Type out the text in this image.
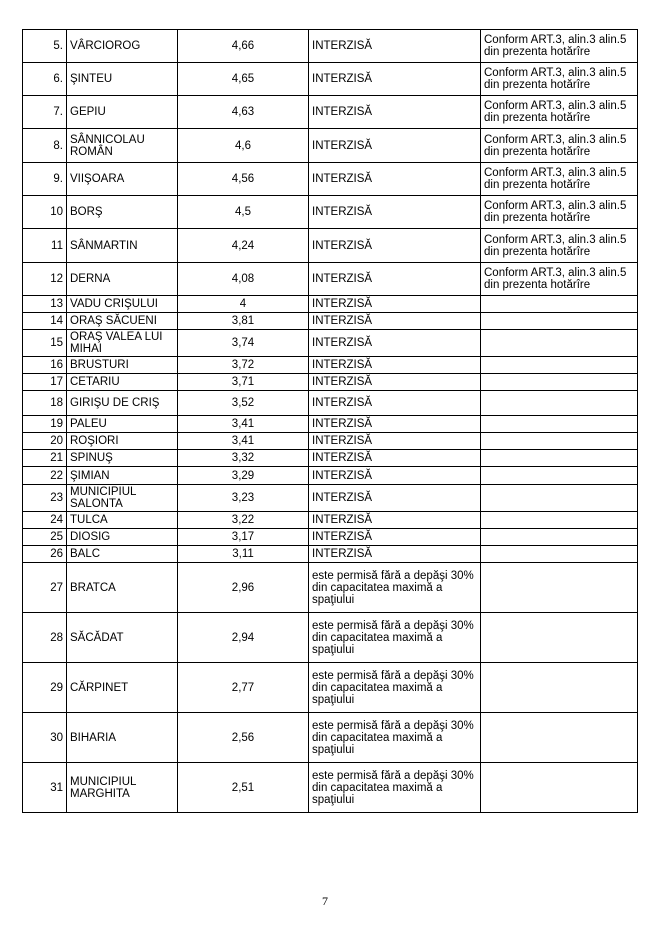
5.	VÂRCIOROG	4,66	INTERZISĂ	Conform ART.3, alin.3 alin.5 din prezenta hotărîre
6.	ŞINTEU	4,65	INTERZISĂ	Conform ART.3, alin.3 alin.5 din prezenta hotărîre
7.	GEPIU	4,63	INTERZISĂ	Conform ART.3, alin.3 alin.5 din prezenta hotărîre
8.	SÂNNICOLAU ROMÂN	4,6	INTERZISĂ	Conform ART.3, alin.3 alin.5 din prezenta hotărîre
9.	VIIŞOARA	4,56	INTERZISĂ	Conform ART.3, alin.3 alin.5 din prezenta hotărîre
10	BORŞ	4,5	INTERZISĂ	Conform ART.3, alin.3 alin.5 din prezenta hotărîre
11	SÂNMARTIN	4,24	INTERZISĂ	Conform ART.3, alin.3 alin.5 din prezenta hotărîre
12	DERNA	4,08	INTERZISĂ	Conform ART.3, alin.3 alin.5 din prezenta hotărîre
13	VADU CRIŞULUI	4	INTERZISĂ	
14	ORAŞ SĂCUENI	3,81	INTERZISĂ	
15	ORAŞ VALEA LUI MIHAI	3,74	INTERZISĂ	
16	BRUSTURI	3,72	INTERZISĂ	
17	CETARIU	3,71	INTERZISĂ	
18	GIRIŞU DE CRIŞ	3,52	INTERZISĂ	
19	PALEU	3,41	INTERZISĂ	
20	ROŞIORI	3,41	INTERZISĂ	
21	SPINUŞ	3,32	INTERZISĂ	
22	ŞIMIAN	3,29	INTERZISĂ	
23	MUNICIPIUL SALONTA	3,23	INTERZISĂ	
24	TULCA	3,22	INTERZISĂ	
25	DIOSIG	3,17	INTERZISĂ	
26	BALC	3,11	INTERZISĂ	
27	BRATCA	2,96	este permisă fără a depăşi 30% din capacitatea maximă a spaţiului	
28	SĂCĂDAT	2,94	este permisă fără a depăşi 30% din capacitatea maximă a spaţiului	
29	CĂRPINET	2,77	este permisă fără a depăşi 30% din capacitatea maximă a spaţiului	
30	BIHARIA	2,56	este permisă fără a depăşi 30% din capacitatea maximă a spaţiului	
31	MUNICIPIUL MARGHITA	2,51	este permisă fără a depăşi 30% din capacitatea maximă a spaţiului	
7
